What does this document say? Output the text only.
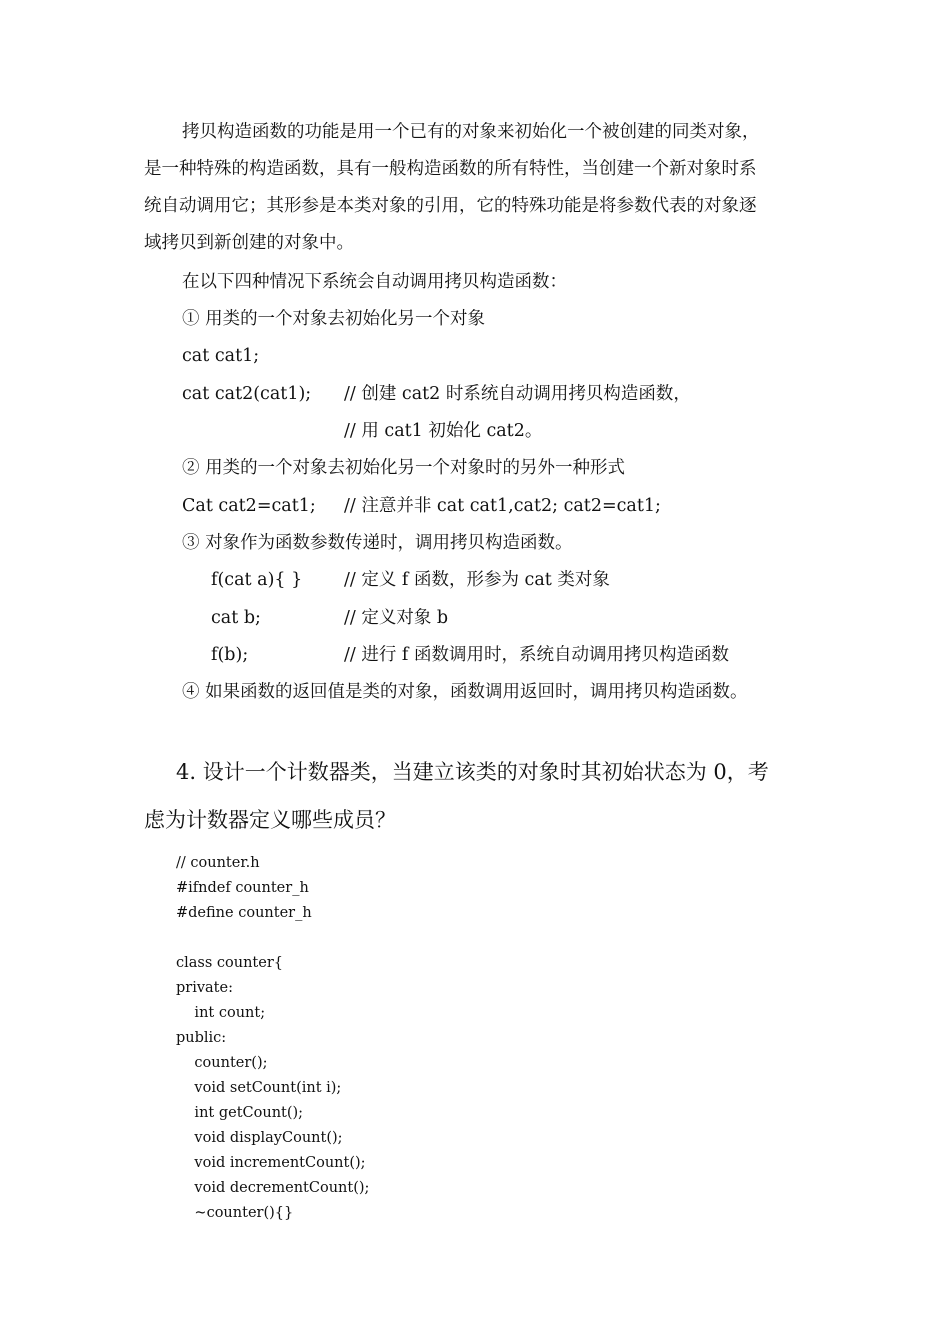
拷贝构造函数的功能是用一个已有的对象来初始化一个被创建的同类对象，
是一种特殊的构造函数，具有一般构造函数的所有特性，当创建一个新对象时系
统自动调用它；其形参是本类对象的引用，它的特殊功能是将参数代表的对象逐
域拷贝到新创建的对象中。
在以下四种情况下系统会自动调用拷贝构造函数：
① 用类的一个对象去初始化另一个对象
cat cat1;
cat cat2(cat1); // 创建 cat2 时系统自动调用拷贝构造函数，
// 用 cat1 初始化 cat2。
② 用类的一个对象去初始化另一个对象时的另外一种形式
Cat cat2=cat1; // 注意并非 cat cat1,cat2; cat2=cat1;
③ 对象作为函数参数传递时，调用拷贝构造函数。
f(cat a){ } // 定义 f 函数，形参为 cat 类对象
cat b;	// 定义对象 b
f(b);	// 进行 f 函数调用时，系统自动调用拷贝构造函数
④ 如果函数的返回值是类的对象，函数调用返回时，调用拷贝构造函数。
4. 设计一个计数器类，当建立该类的对象时其初始状态为 0，考
虑为计数器定义哪些成员？
// counter.h
#ifndef counter_h
#define counter_h
class counter{
private:
int count;
public:
counter();
void setCount(int i);
int getCount();
void displayCount();
void incrementCount();
void decrementCount();
~counter(){}
